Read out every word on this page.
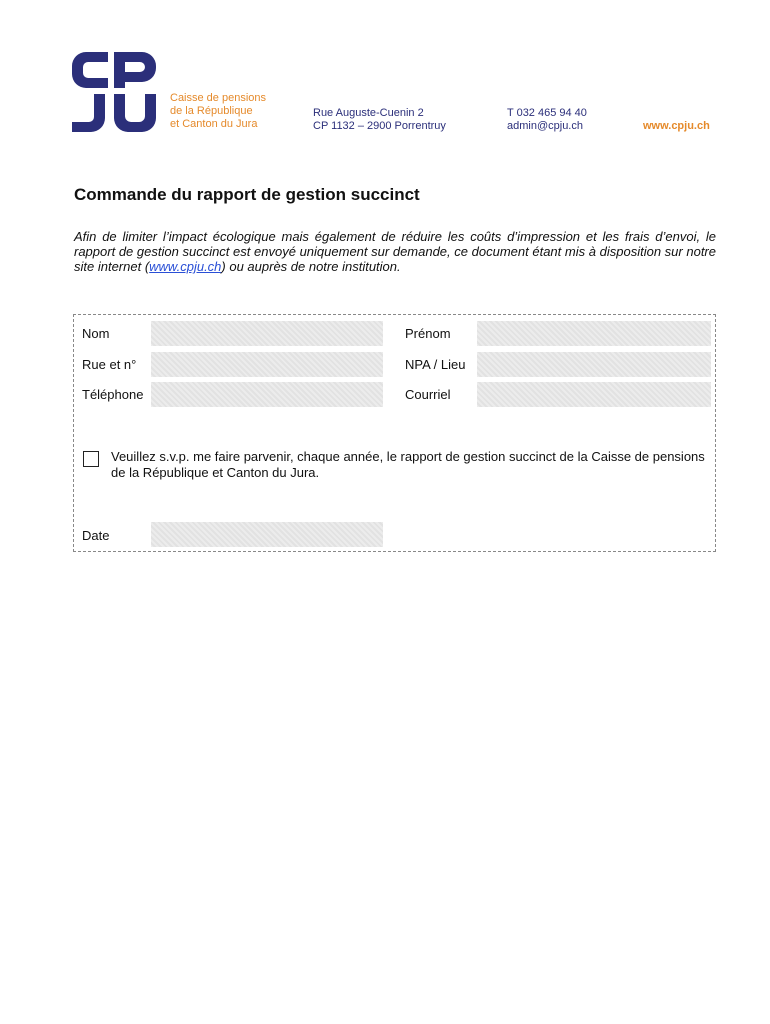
Caisse de pensions
de la République
et Canton du Jura
Rue Auguste-Cuenin 2
CP 1132 – 2900 Porrentruy
T 032 465 94 40
admin@cpju.ch	www.cpju.ch
Commande du rapport de gestion succinct
Afin de limiter l’impact écologique mais également de réduire les coûts d’impression et les frais d’envoi, le rapport de gestion succinct est envoyé uniquement sur demande, ce document étant mis à disposition sur notre site internet (www.cpju.ch) ou auprès de notre institution.
Nom	Prénom
Rue et n°	NPA / Lieu
Téléphone	Courriel
Veuillez s.v.p. me faire parvenir, chaque année, le rapport de gestion succinct de la Caisse de pensions de la République et Canton du Jura.
Date
